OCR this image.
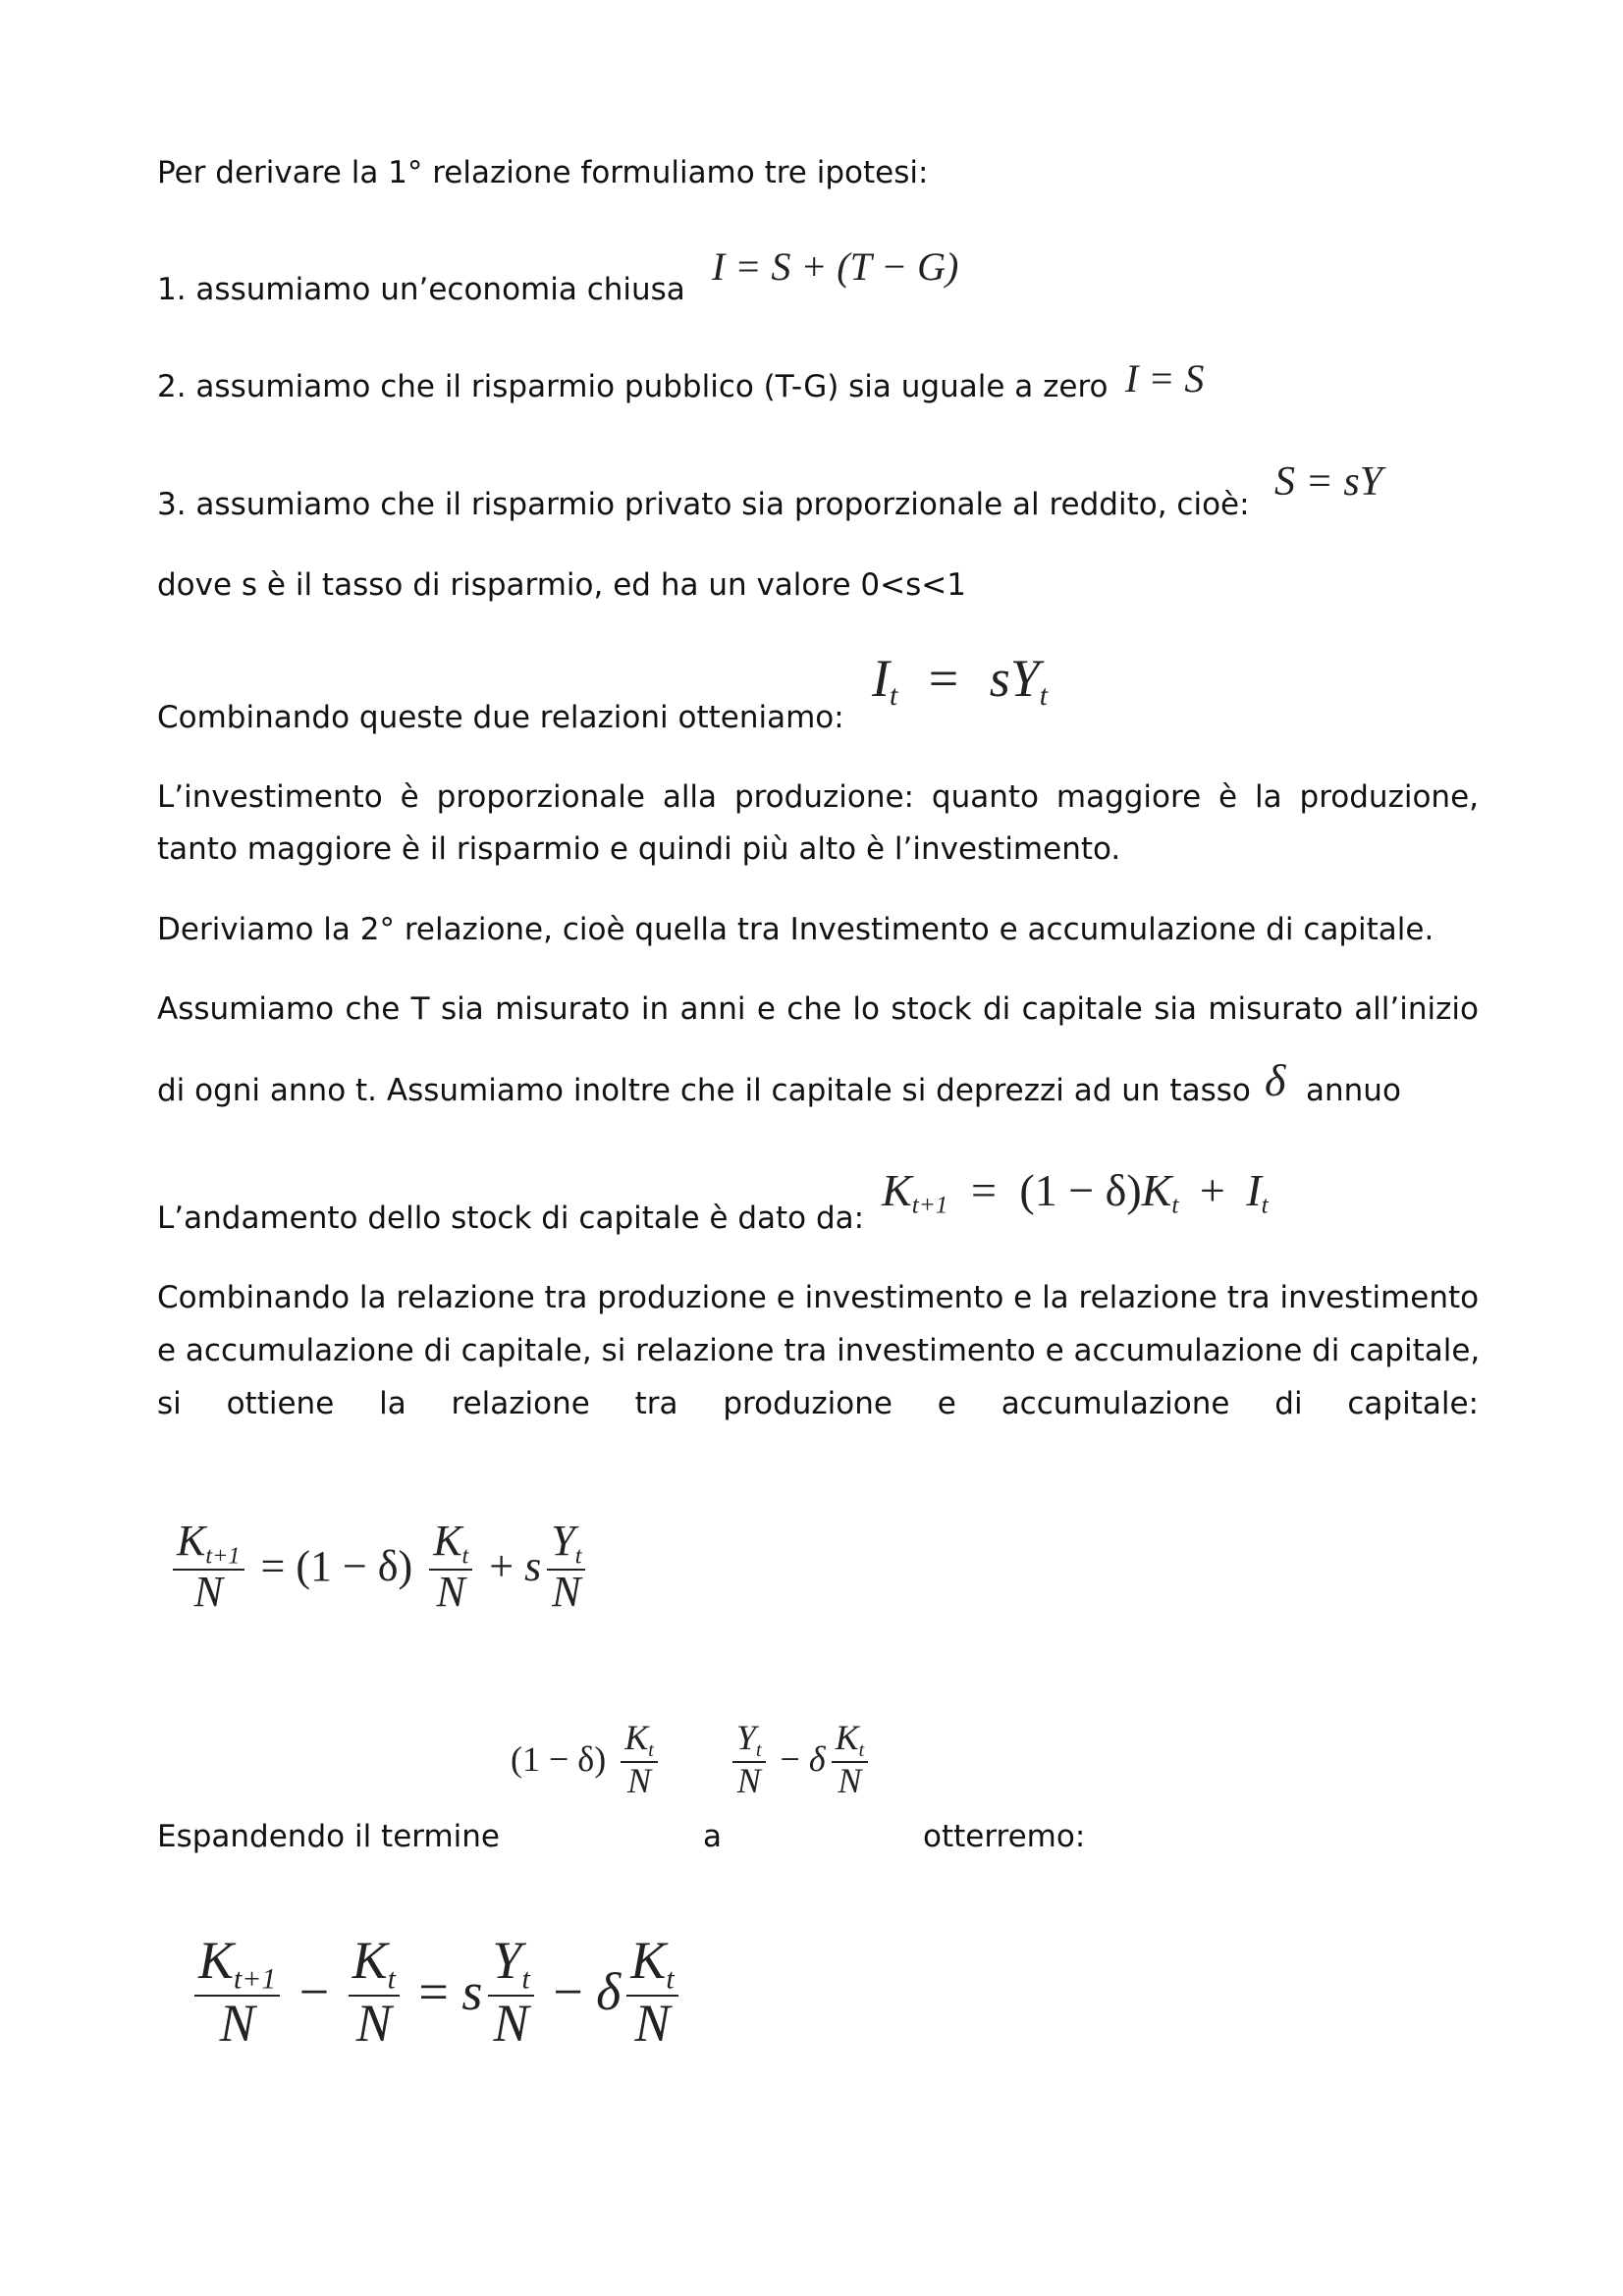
Per derivare la 1° relazione formuliamo tre ipotesi:
1. assumiamo un’economia chiusa
I = S + (T − G)
2. assumiamo che il risparmio pubblico (T-G) sia uguale a zero I = S
3. assumiamo che il risparmio privato sia proporzionale al reddito, cioè: S = sY
dove s è il tasso di risparmio, ed ha un valore 0<s<1
Combinando queste due relazioni otteniamo:
$I_t = sY_t$
L’investimento è proporzionale alla produzione: quanto maggiore è la produzione,
tanto maggiore è il risparmio e quindi più alto è l’investimento.
Deriviamo la 2° relazione, cioè quella tra Investimento e accumulazione di capitale.
Assumiamo che T sia misurato in anni e che lo stock di capitale sia misurato all’inizio
di ogni anno t. Assumiamo inoltre che il capitale si deprezzi ad un tasso δ annuo
L’andamento dello stock di capitale è dato da:
$K_{t+1} = (1 - \delta)K_t + I_t$
Combinando la relazione tra produzione e investimento e la relazione tra investimento
e accumulazione di capitale, si relazione tra investimento e accumulazione di capitale,
si ottiene la relazione tra produzione e accumulazione di capitale:
$\frac{K_{t+1}}{N} = (1 - \delta) \frac{K_t}{N} + s \frac{Y_t}{N}$
Espandendo il termine
$(1 - \delta) \frac{K_t}{N}$
a
$\frac{Y_t}{N} - \delta \frac{K_t}{N}$
otterremo:
$\frac{K_{t+1}}{N} - \frac{K_t}{N} = s \frac{Y_t}{N} - \delta \frac{K_t}{N}$
